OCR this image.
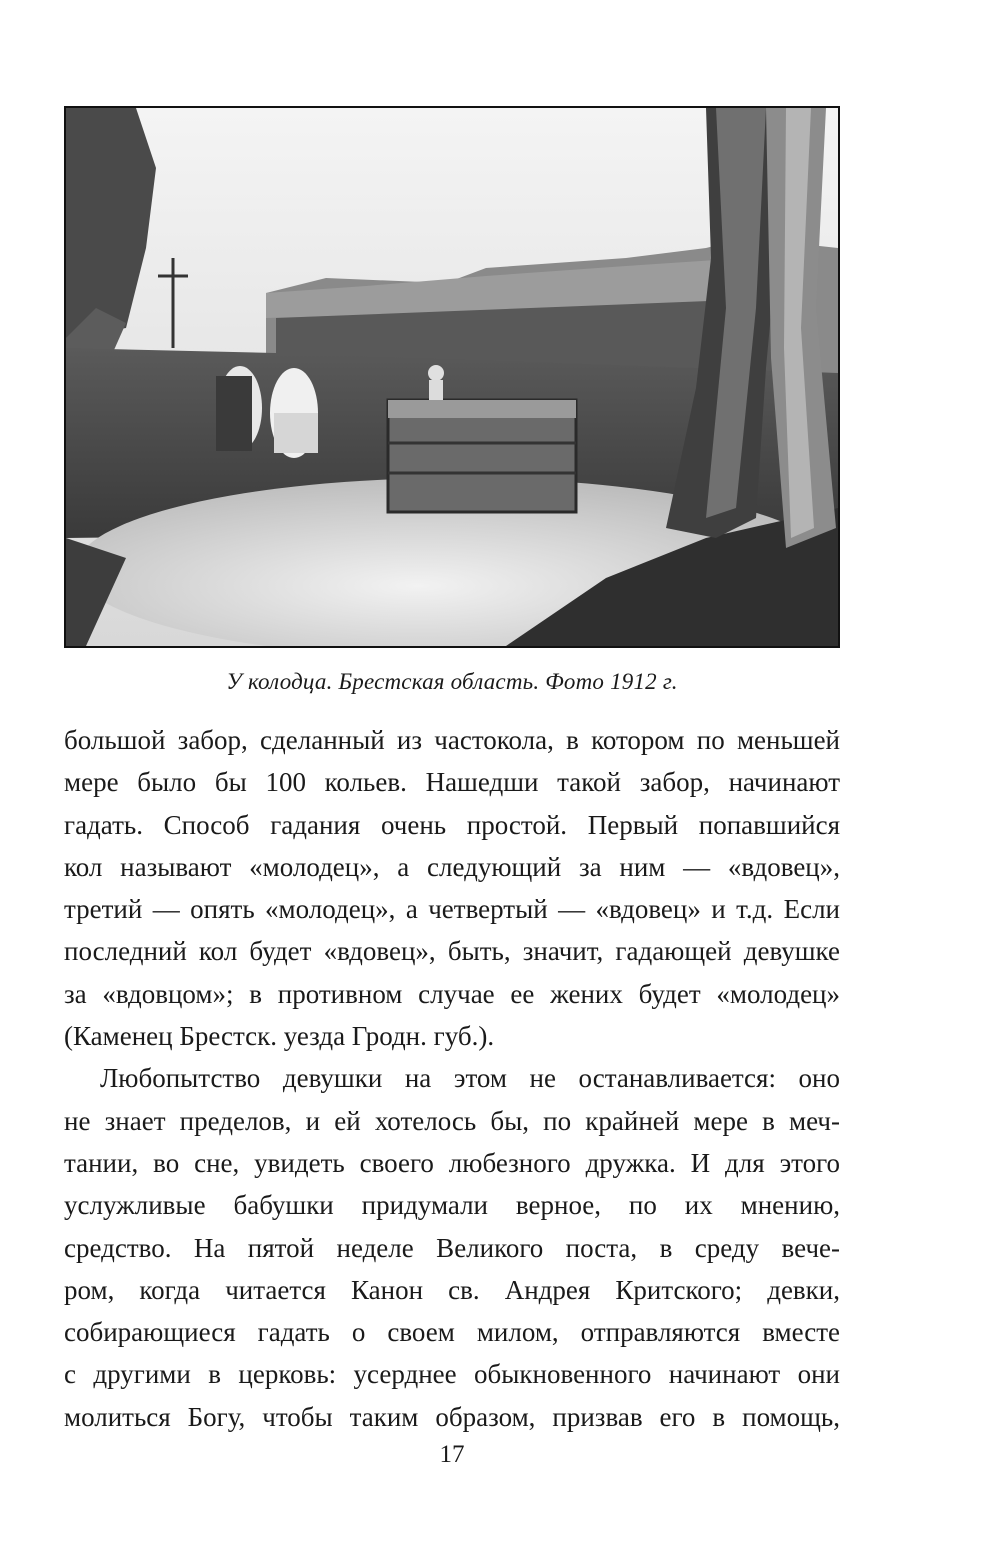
У колодца. Брестская область. Фото 1912 г.
большой забор, сделанный из частокола, в котором по меньшей
мере было бы 100 кольев. Нашедши такой забор, начинают
гадать. Способ гадания очень простой. Первый попавшийся
кол называют «молодец», а следующий за ним — «вдовец»,
третий — опять «молодец», а четвертый — «вдовец» и т.д. Если
последний кол будет «вдовец», быть, значит, гадающей девушке
за «вдовцом»; в противном случае ее жених будет «молодец»
(Каменец Брестск. уезда Гродн. губ.).
Любопытство девушки на этом не останавливается: оно
не знает пределов, и ей хотелось бы, по крайней мере в меч-
тании, во сне, увидеть своего любезного дружка. И для этого
услужливые бабушки придумали верное, по их мнению,
средство. На пятой неделе Великого поста, в среду вече-
ром, когда читается Канон св. Андрея Критского; девки,
собирающиеся гадать о своем милом, отправляются вместе
с другими в церковь: усерднее обыкновенного начинают они
молиться Богу, чтобы таким образом, призвав его в помощь,
17
